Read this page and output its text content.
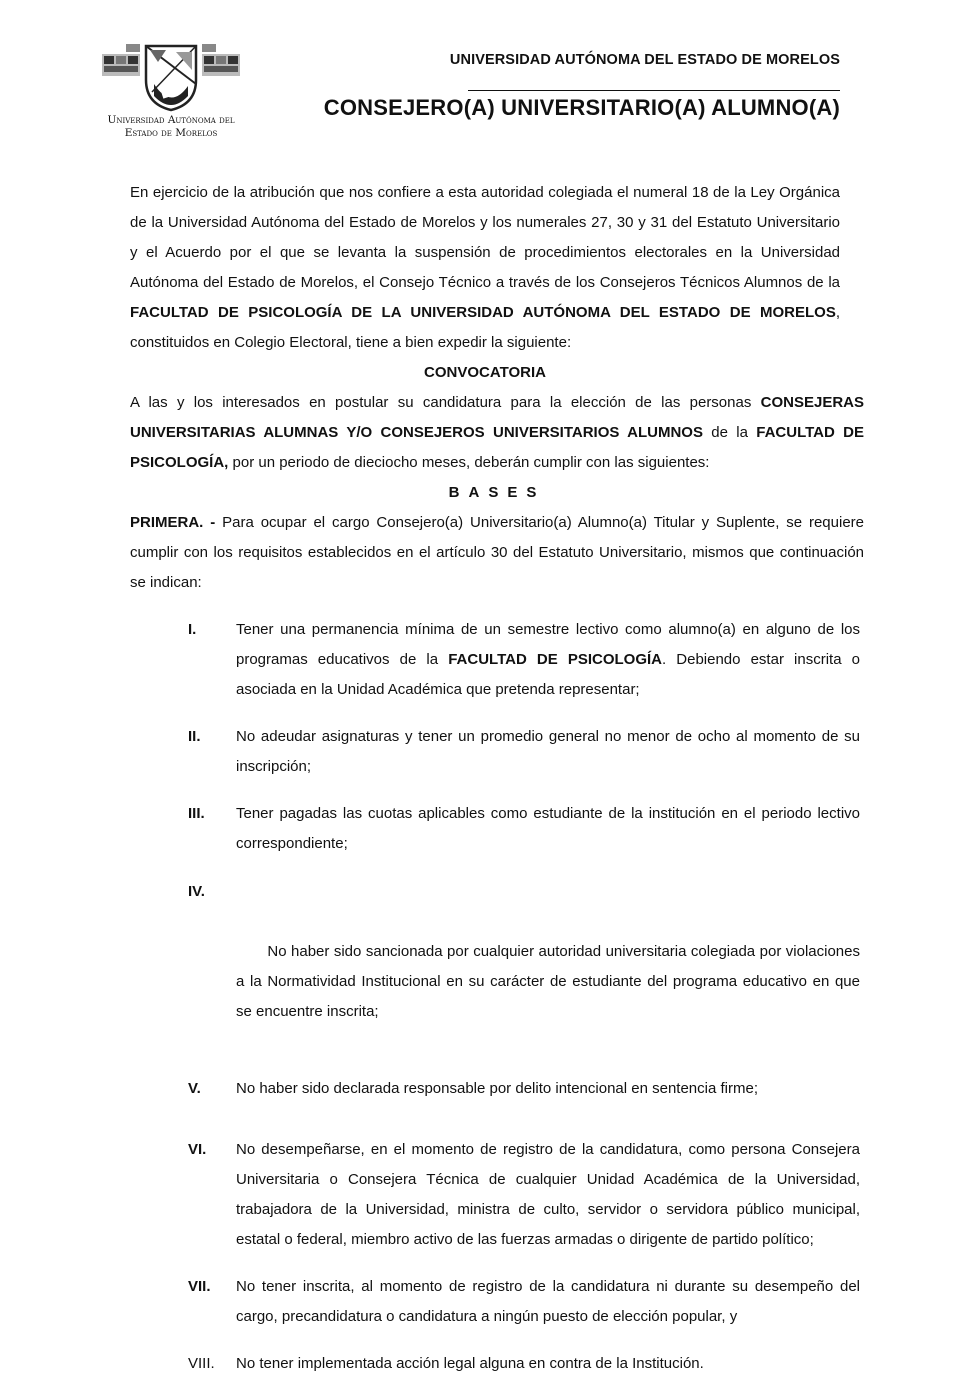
Universidad Autónoma del
Estado de Morelos
UNIVERSIDAD AUTÓNOMA DEL ESTADO DE MORELOS
CONSEJERO(A) UNIVERSITARIO(A) ALUMNO(A)

En ejercicio de la atribución que nos confiere a esta autoridad colegiada el numeral 18 de la Ley Orgánica de la Universidad Autónoma del Estado de Morelos y los numerales 27, 30 y 31 del Estatuto Universitario y el Acuerdo por el que se levanta la suspensión de procedimientos electorales en la Universidad Autónoma del Estado de Morelos, el Consejo Técnico a través de los Consejeros Técnicos Alumnos de la FACULTAD DE PSICOLOGÍA DE LA UNIVERSIDAD AUTÓNOMA DEL ESTADO DE MORELOS, constituidos en Colegio Electoral, tiene a bien expedir la siguiente:

CONVOCATORIA

A las y los interesados en postular su candidatura para la elección de las personas CONSEJERAS UNIVERSITARIAS ALUMNAS Y/O CONSEJEROS UNIVERSITARIOS ALUMNOS de la FACULTAD DE PSICOLOGÍA, por un periodo de dieciocho meses, deberán cumplir con las siguientes:

BASES

PRIMERA. - Para ocupar el cargo Consejero(a) Universitario(a) Alumno(a) Titular y Suplente, se requiere cumplir con los requisitos establecidos en el artículo 30 del Estatuto Universitario, mismos que continuación se indican:

I.	Tener una permanencia mínima de un semestre lectivo como alumno(a) en alguno de los programas educativos de la FACULTAD DE PSICOLOGÍA. Debiendo estar inscrita o asociada en la Unidad Académica que pretenda representar;
II. No adeudar asignaturas y tener un promedio general no menor de ocho al momento de su inscripción;
III. Tener pagadas las cuotas aplicables como estudiante de la institución en el periodo lectivo correspondiente;

IV.

No haber sido sancionada por cualquier autoridad universitaria colegiada por violaciones a la Normatividad Institucional en su carácter de estudiante del programa educativo en que se encuentre inscrita;

V. No haber sido declarada responsable por delito intencional en sentencia firme;
VI. No desempeñarse, en el momento de registro de la candidatura, como persona Consejera Universitaria o Consejera Técnica de cualquier Unidad Académica de la Universidad, trabajadora de la Universidad, ministra de culto, servidor o servidora público municipal, estatal o federal, miembro activo de las fuerzas armadas o dirigente de partido político;
VII. No tener inscrita, al momento de registro de la candidatura ni durante su desempeño del cargo, precandidatura o candidatura a ningún puesto de elección popular, y
VIII. No tener implementada acción legal alguna en contra de la Institución.
